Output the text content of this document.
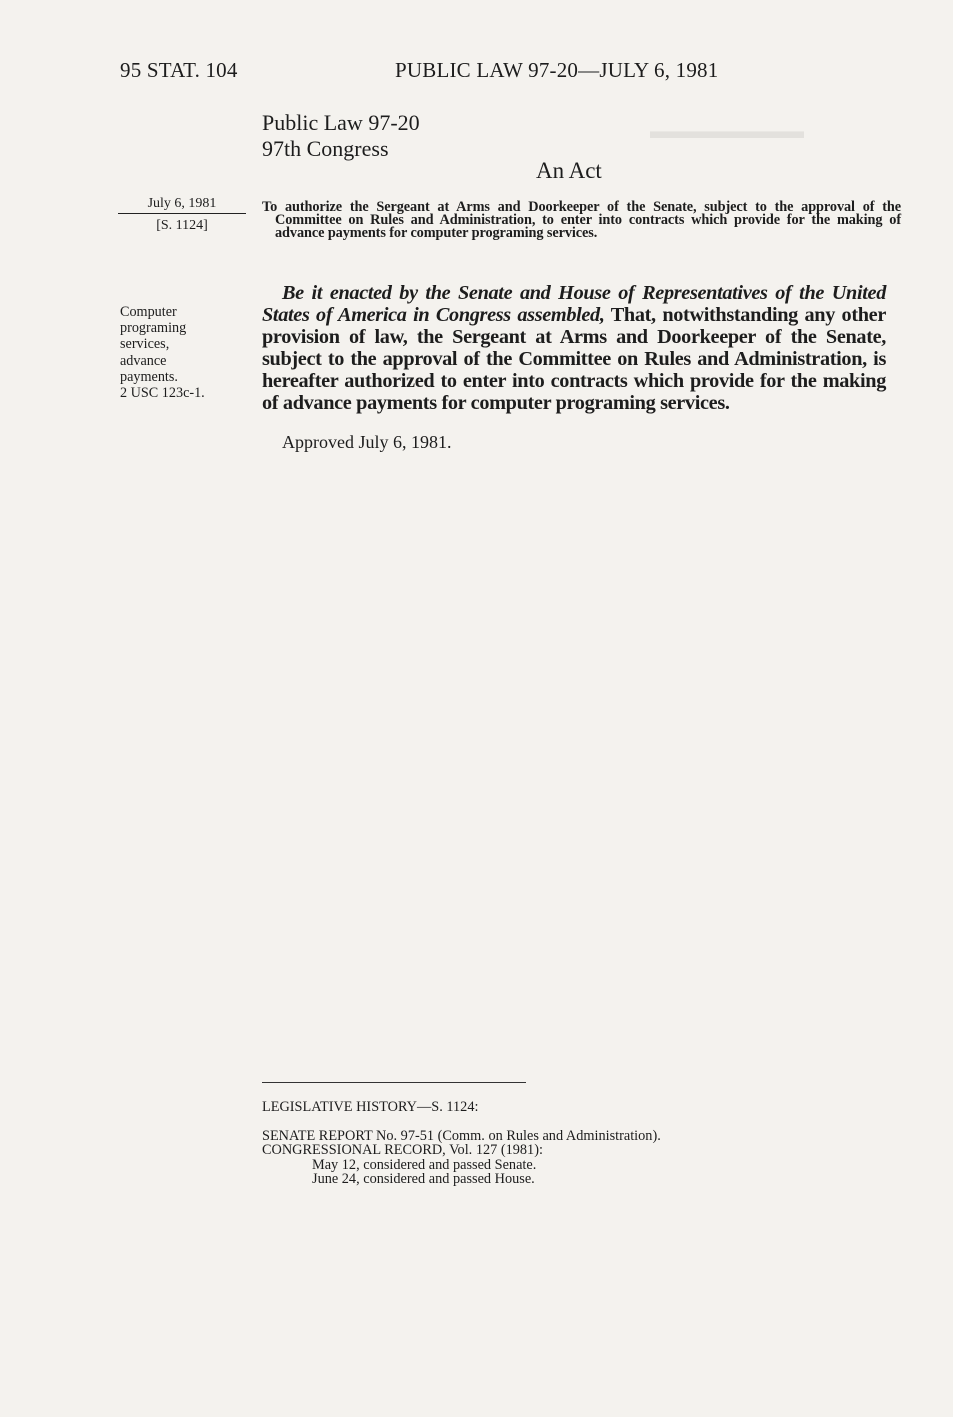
▬▬▬▬▬▬▬
95 STAT. 104	PUBLIC LAW 97-20—JULY 6, 1981
Public Law 97-20
97th Congress
An Act
July 6, 1981
[S. 1124]
To authorize the Sergeant at Arms and Doorkeeper of the Senate, subject to the approval of the Committee on Rules and Administration, to enter into contracts which provide for the making of advance payments for computer programing services.
Computer
programing
services,
advance
payments.
2 USC 123c-1.
Be it enacted by the Senate and House of Representatives of the United States of America in Congress assembled, That, notwithstanding any other provision of law, the Sergeant at Arms and Doorkeeper of the Senate, subject to the approval of the Committee on Rules and Administration, is hereafter authorized to enter into contracts which provide for the making of advance payments for computer programing services.
Approved July 6, 1981.
LEGISLATIVE HISTORY—S. 1124:
SENATE REPORT No. 97-51 (Comm. on Rules and Administration).
CONGRESSIONAL RECORD, Vol. 127 (1981):
May 12, considered and passed Senate.
June 24, considered and passed House.
